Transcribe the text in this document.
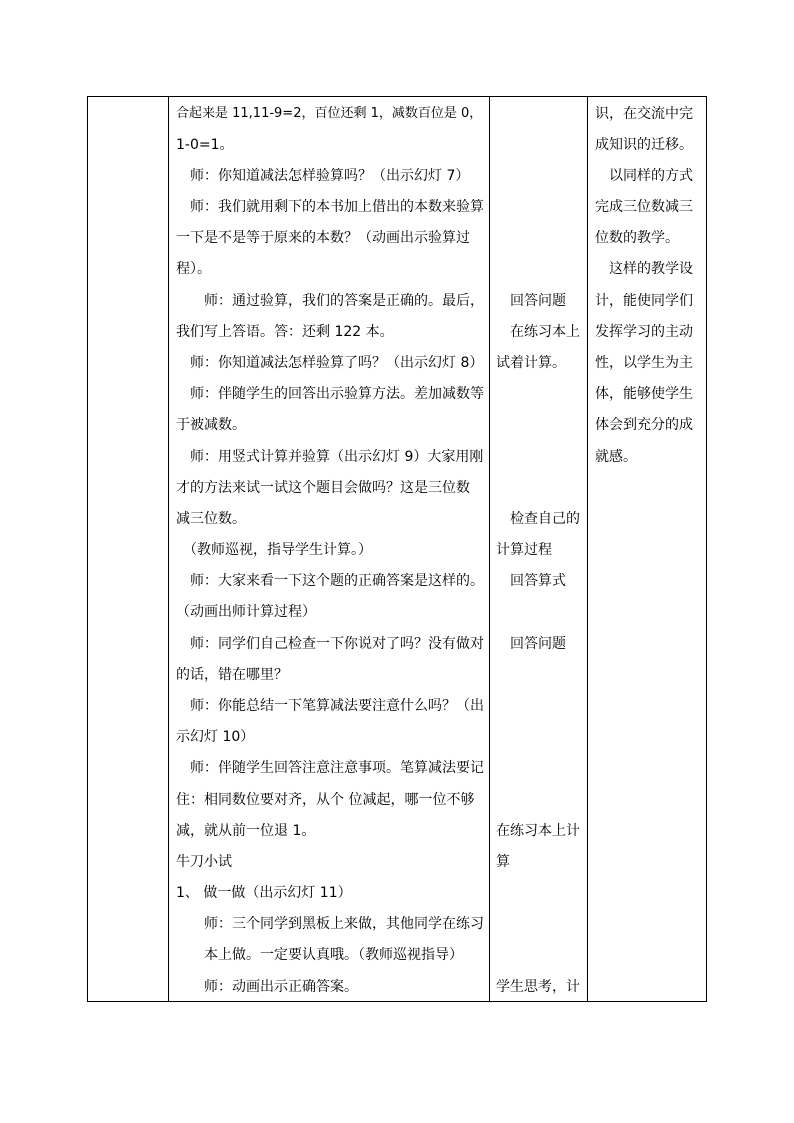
合起来是 11,11-9=2，百位还剩 1，减数百位是 0，
1-0=1。
　师：你知道减法怎样验算吗？（出示幻灯 7）
　师：我们就用剩下的本书加上借出的本数来验算
一下是不是等于原来的本数？（动画出示验算过
程）。
　　师：通过验算，我们的答案是正确的。最后，
我们写上答语。答：还剩 122 本。
　师：你知道减法怎样验算了吗？（出示幻灯 8）
　师：伴随学生的回答出示验算方法。差加减数等
于被减数。
　师：用竖式计算并验算（出示幻灯 9）大家用刚
才的方法来试一试这个题目会做吗？这是三位数
减三位数。
　（教师巡视，指导学生计算。）
　师：大家来看一下这个题的正确答案是这样的。
（动画出师计算过程）
　师：同学们自己检查一下你说对了吗？没有做对
的话，错在哪里？
　师：你能总结一下笔算减法要注意什么吗？（出
示幻灯 10）
　师：伴随学生回答注意注意事项。笔算减法要记
住：相同数位要对齐，从个 位减起，哪一位不够
减，就从前一位退 1。
牛刀小试
1、 做一做（出示幻灯 11）
　　师：三个同学到黑板上来做，其他同学在练习
　　本上做。一定要认真哦。（教师巡视指导）
　　师：动画出示正确答案。
　回答问题
　在练习本上
试着计算。
　检查自己的
计算过程
　回答算式
　回答问题
在练习本上计
算
学生思考，计
识，在交流中完
成知识的迁移。
　以同样的方式
完成三位数减三
位数的教学。
　这样的教学设
计，能使同学们
发挥学习的主动
性，以学生为主
体，能够使学生
体会到充分的成
就感。
